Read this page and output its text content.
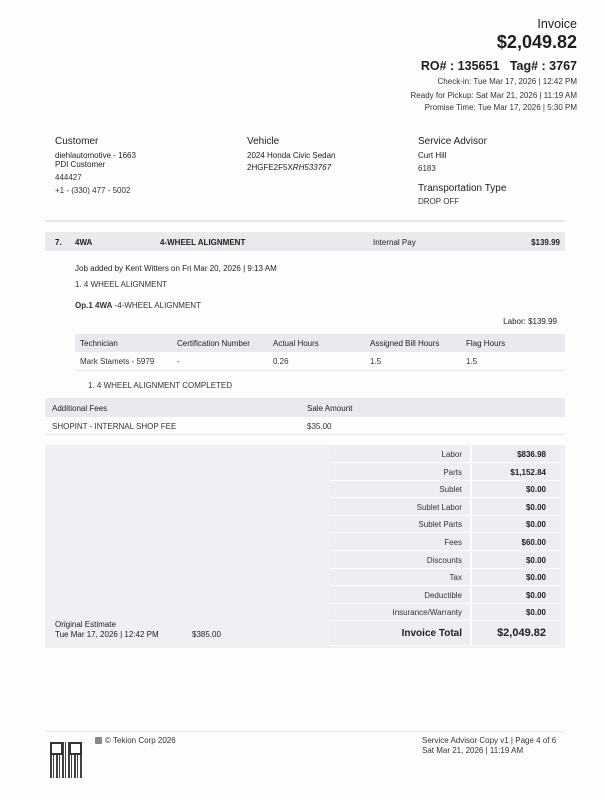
Invoice
$2,049.82
RO# : 135651 Tag# : 3767
Check-in: Tue Mar 17, 2026 | 12:42 PM
Ready for Pickup: Sat Mar 21, 2026 | 11:19 AM
Promise Time: Tue Mar 17, 2026 | 5:30 PM
Customer
diehlautomotive - 1663
PDI Customer
444427
+1 - (330) 477 - 5002
Vehicle
2024 Honda Civic Sedan
2HGFE2F5XRH533767
Service Advisor
Curt Hill
6183
Transportation Type
DROP OFF
7. 4WA	4-WHEEL ALIGNMENT	Internal Pay	$139.99
Job added by Kent Witters on Fri Mar 20, 2026 | 9:13 AM
1. 4 WHEEL ALIGNMENT
Op.1 4WA -4-WHEEL ALIGNMENT
Labor: $139.99
Technician	Certification Number	Actual Hours	Assigned Bill Hours	Flag Hours
Mark Stamets - 5979	-	0.26	1.5	1.5
1. 4 WHEEL ALIGNMENT COMPLETED
Additional Fees	Sale Amount
SHOPINT - INTERNAL SHOP FEE	$35.00
Labor	$836.98
Parts	$1,152.84
Sublet	$0.00
Sublet Labor	$0.00
Sublet Parts	$0.00
Fees	$60.00
Discounts	$0.00
Tax	$0.00
Deductible	$0.00
Insurance/Warranty	$0.00
Invoice Total	$2,049.82
Original Estimate
Tue Mar 17, 2026 | 12:42 PM	$385.00
© Tekion Corp 2026	Service Advisor Copy v1 | Page 4 of 6
Sat Mar 21, 2026 | 11:19 AM
